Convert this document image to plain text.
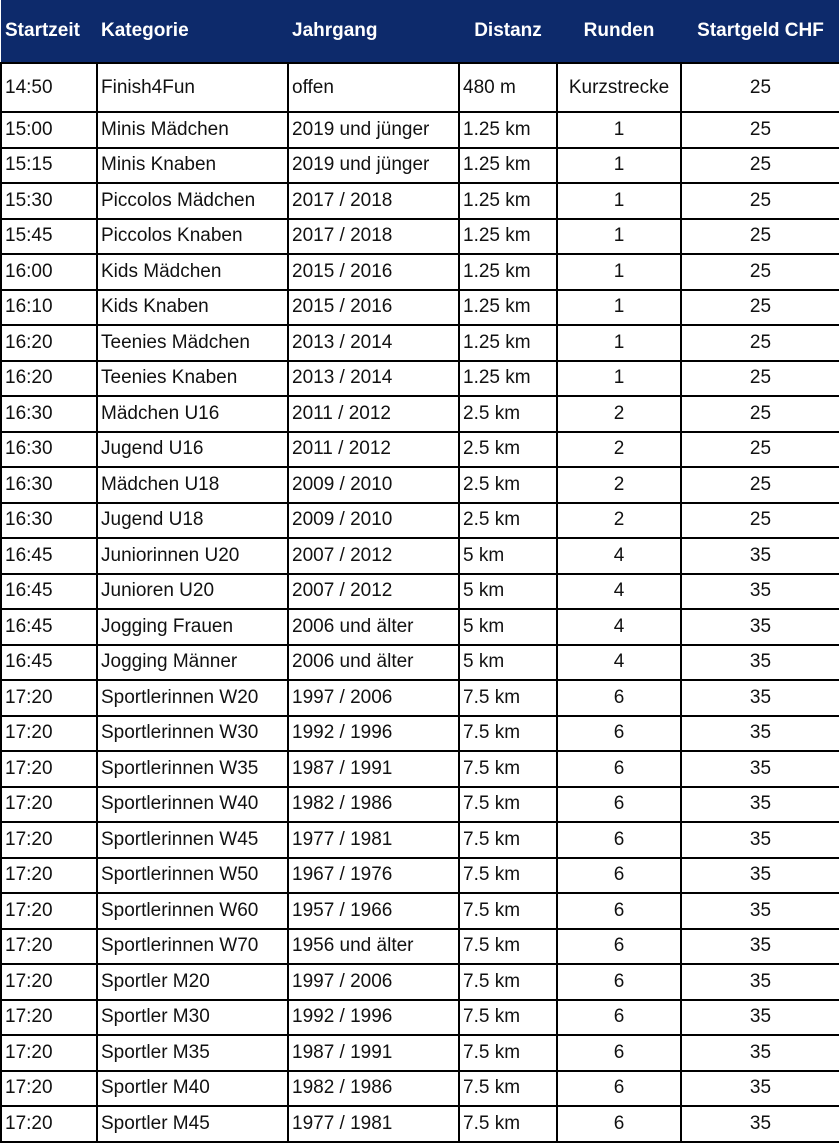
Startzeit	Kategorie	Jahrgang	Distanz	Runden	Startgeld CHF
14:50	Finish4Fun	offen	480 m	Kurzstrecke	25
15:00	Minis Mädchen	2019 und jünger	1.25 km	1	25
15:15	Minis Knaben	2019 und jünger	1.25 km	1	25
15:30	Piccolos Mädchen	2017 / 2018	1.25 km	1	25
15:45	Piccolos Knaben	2017 / 2018	1.25 km	1	25
16:00	Kids Mädchen	2015 / 2016	1.25 km	1	25
16:10	Kids Knaben	2015 / 2016	1.25 km	1	25
16:20	Teenies Mädchen	2013 / 2014	1.25 km	1	25
16:20	Teenies Knaben	2013 / 2014	1.25 km	1	25
16:30	Mädchen U16	2011 / 2012	2.5 km	2	25
16:30	Jugend U16	2011 / 2012	2.5 km	2	25
16:30	Mädchen U18	2009 / 2010	2.5 km	2	25
16:30	Jugend U18	2009 / 2010	2.5 km	2	25
16:45	Juniorinnen U20	2007 / 2012	5 km	4	35
16:45	Junioren U20	2007 / 2012	5 km	4	35
16:45	Jogging Frauen	2006 und älter	5 km	4	35
16:45	Jogging Männer	2006 und älter	5 km	4	35
17:20	Sportlerinnen W20	1997 / 2006	7.5 km	6	35
17:20	Sportlerinnen W30	1992 / 1996	7.5 km	6	35
17:20	Sportlerinnen W35	1987 / 1991	7.5 km	6	35
17:20	Sportlerinnen W40	1982 / 1986	7.5 km	6	35
17:20	Sportlerinnen W45	1977 / 1981	7.5 km	6	35
17:20	Sportlerinnen W50	1967 / 1976	7.5 km	6	35
17:20	Sportlerinnen W60	1957 / 1966	7.5 km	6	35
17:20	Sportlerinnen W70	1956 und älter	7.5 km	6	35
17:20	Sportler M20	1997 / 2006	7.5 km	6	35
17:20	Sportler M30	1992 / 1996	7.5 km	6	35
17:20	Sportler M35	1987 / 1991	7.5 km	6	35
17:20	Sportler M40	1982 / 1986	7.5 km	6	35
17:20	Sportler M45	1977 / 1981	7.5 km	6	35
